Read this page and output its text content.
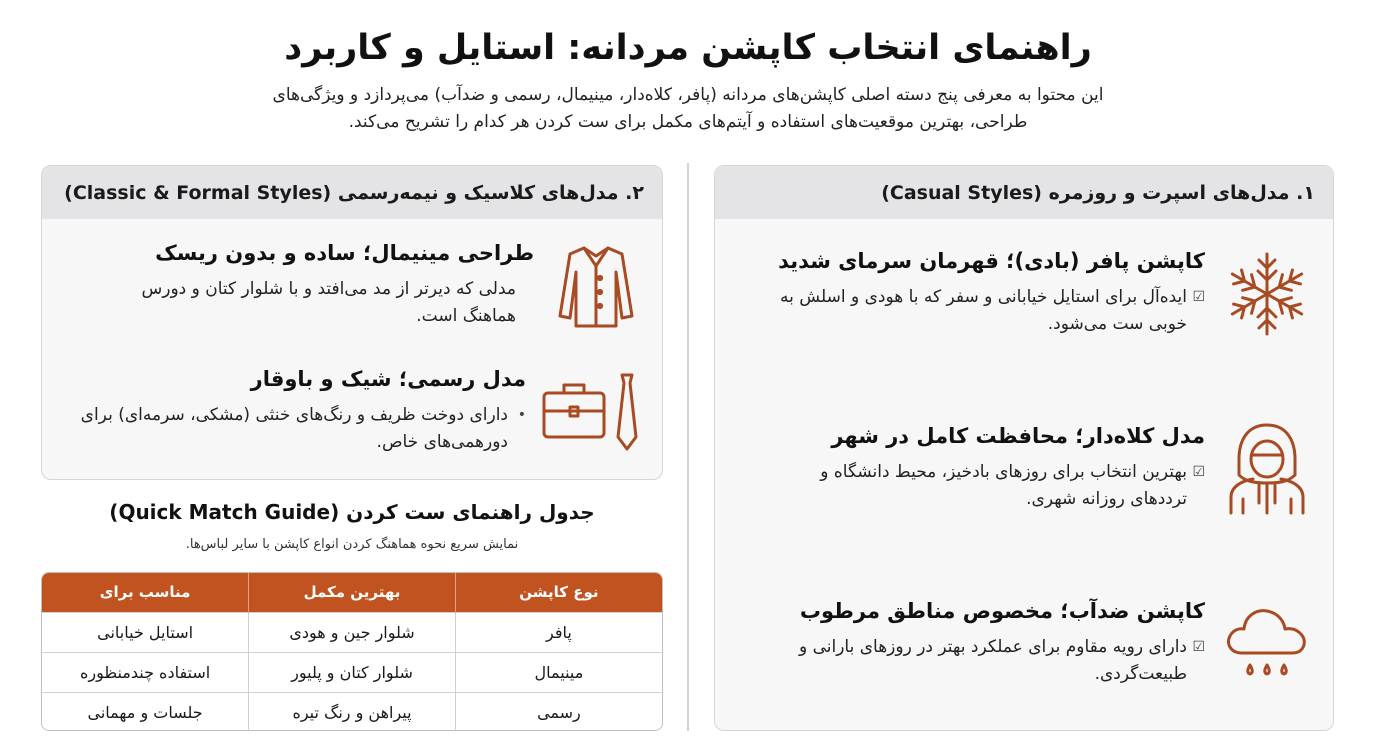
راهنمای انتخاب کاپشن مردانه: استایل و کاربرد

این محتوا به معرفی پنج دسته اصلی کاپشن‌های مردانه (پافر، کلاه‌دار، مینیمال، رسمی و ضدآب) می‌پردازد و ویژگی‌های طراحی، بهترین موقعیت‌های استفاده و آیتم‌های مکمل برای ست کردن هر کدام را تشریح می‌کند.

۱. مدل‌های اسپرت و روزمره (Casual Styles)
کاپشن پافر (بادی)؛ قهرمان سرمای شدید
☑
ایده‌آل برای استایل خیابانی و سفر که با هودی و اسلش به خوبی ست می‌شود.
مدل کلاه‌دار؛ محافظت کامل در شهر
☑
بهترین انتخاب برای روزهای بادخیز، محیط دانشگاه و ترددهای روزانه شهری.
کاپشن ضدآب؛ مخصوص مناطق مرطوب
☑
دارای رویه مقاوم برای عملکرد بهتر در روزهای بارانی و طبیعت‌گردی.
۲. مدل‌های کلاسیک و نیمه‌رسمی (Classic & Formal Styles)
طراحی مینیمال؛ ساده و بدون ریسک
مدلی که دیرتر از مد می‌افتد و با شلوار کتان و دورس هماهنگ است.
مدل رسمی؛ شیک و باوقار
•
دارای دوخت ظریف و رنگ‌های خنثی (مشکی، سرمه‌ای) برای دورهمی‌های خاص.
جدول راهنمای ست کردن (Quick Match Guide)
نمایش سریع نحوه هماهنگ کردن انواع کاپشن با سایر لباس‌ها.
نوع کاپشن	بهترین مکمل	مناسب برای
پافر	شلوار جین و هودی	استایل خیابانی
مینیمال	شلوار کتان و پلیور	استفاده چندمنظوره
رسمی	پیراهن و رنگ تیره	جلسات و مهمانی
